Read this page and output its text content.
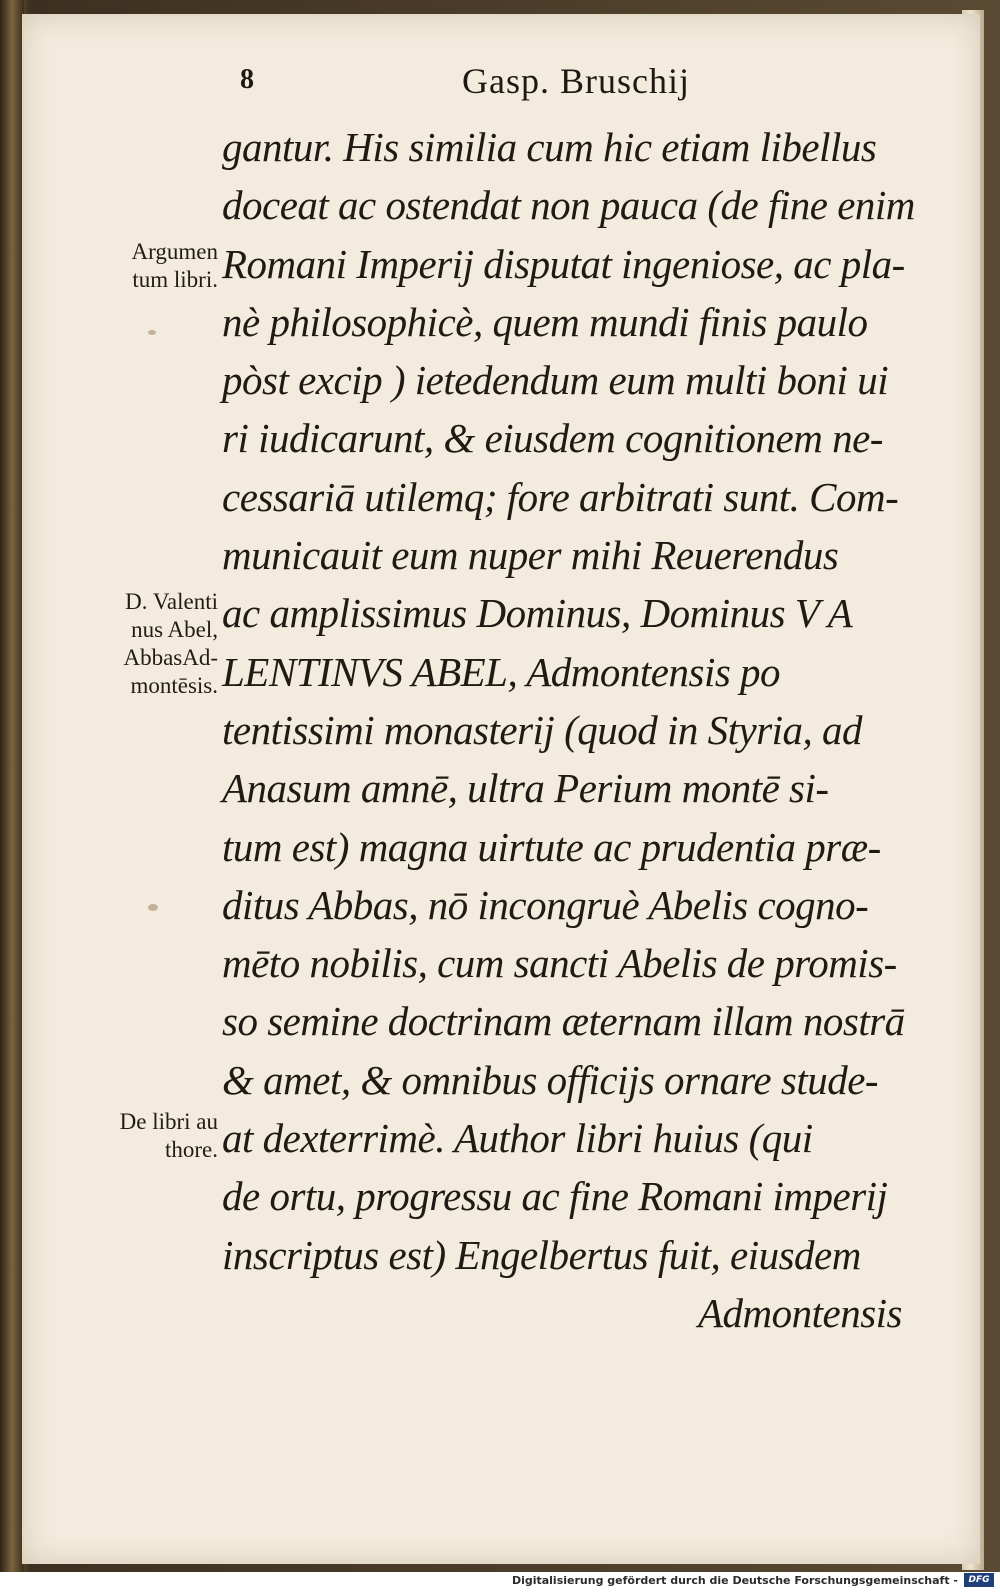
8	Gasp. Bruschij
Argumen
tum libri.
D. Valenti
nus Abel,
AbbasAd-
montēsis.
De libri au
thore.
gantur. His similia cum hic etiam libellus
doceat ac ostendat non pauca (de fine enim
Romani Imperij disputat ingeniose, ac pla-
nè philosophicè, quem mundi finis paulo
pòst excip ) ietedendum eum multi boni ui
ri iudicarunt, & eiusdem cognitionem ne-
cessariā utilemq; fore arbitrati sunt. Com-
municauit eum nuper mihi Reuerendus
ac amplissimus Dominus, Dominus V A
LENTINVS ABEL, Admontensis po
tentissimi monasterij (quod in Styria, ad
Anasum amnē, ultra Perium montē si-
tum est) magna uirtute ac prudentia præ-
ditus Abbas, nō incongruè Abelis cogno-
mēto nobilis, cum sancti Abelis de promis-
so semine doctrinam æternam illam nostrā
& amet, & omnibus officijs ornare stude-
at dexterrimè. Author libri huius (qui
de ortu, progressu ac fine Romani imperij
inscriptus est) Engelbertus fuit, eiusdem
Admontensis
Digitalisierung gefördert durch die Deutsche Forschungsgemeinschaft -	DFG
